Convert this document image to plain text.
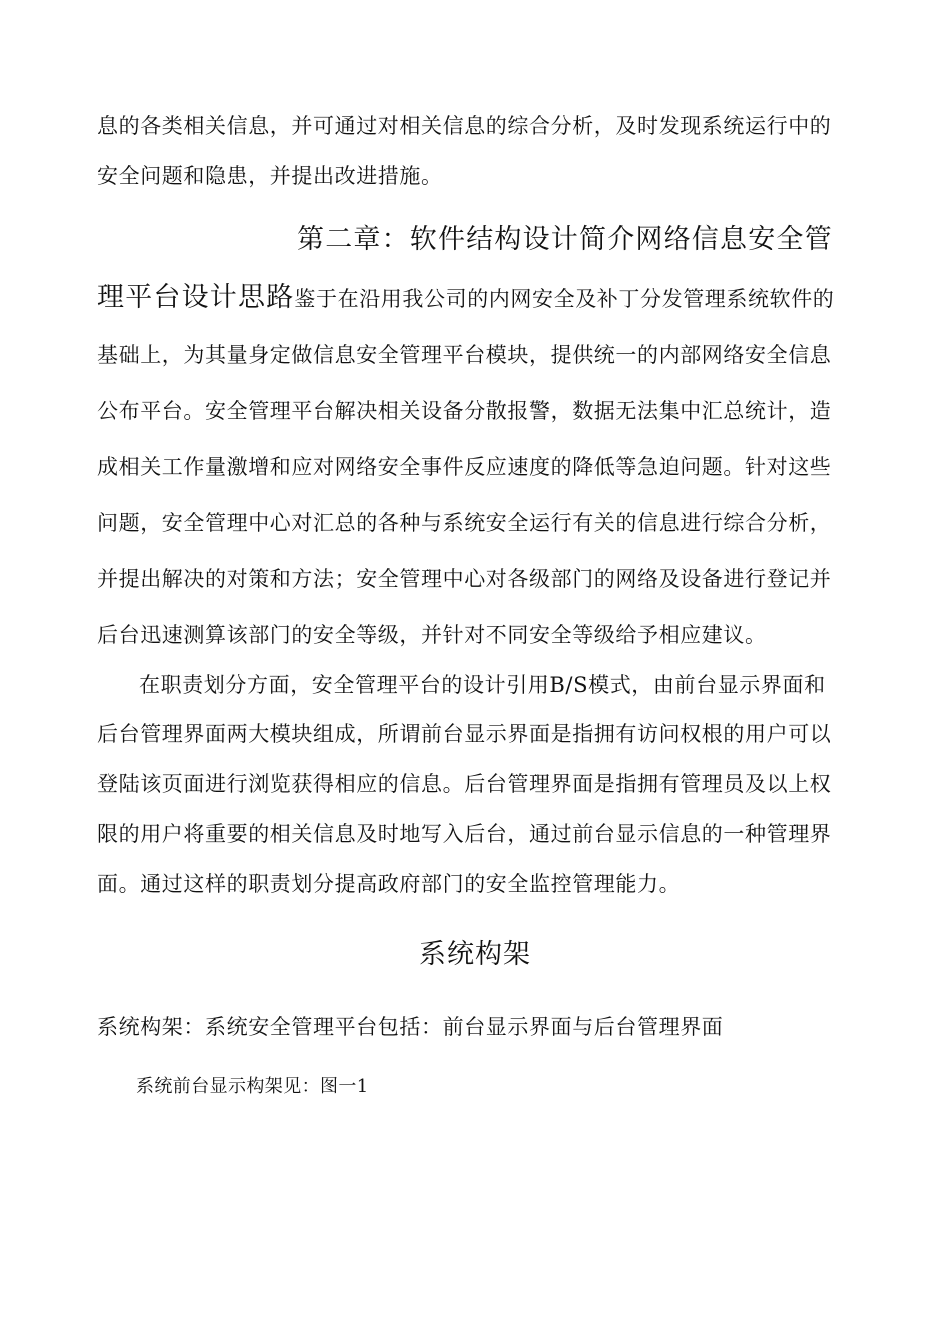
息的各类相关信息，并可通过对相关信息的综合分析，及时发现系统运行中的
安全问题和隐患，并提出改进措施。
第二章：软件结构设计简介网络信息安全管
理平台设计思路鉴于在沿用我公司的内网安全及补丁分发管理系统软件的
基础上，为其量身定做信息安全管理平台模块，提供统一的内部网络安全信息
公布平台。安全管理平台解决相关设备分散报警，数据无法集中汇总统计，造
成相关工作量激增和应对网络安全事件反应速度的降低等急迫问题。针对这些
问题，安全管理中心对汇总的各种与系统安全运行有关的信息进行综合分析，
并提出解决的对策和方法；安全管理中心对各级部门的网络及设备进行登记并
后台迅速测算该部门的安全等级，并针对不同安全等级给予相应建议。
在职责划分方面，安全管理平台的设计引用B/S模式，由前台显示界面和
后台管理界面两大模块组成，所谓前台显示界面是指拥有访问权根的用户可以
登陆该页面进行浏览获得相应的信息。后台管理界面是指拥有管理员及以上权
限的用户将重要的相关信息及时地写入后台，通过前台显示信息的一种管理界
面。通过这样的职责划分提高政府部门的安全监控管理能力。
系统构架
系统构架：系统安全管理平台包括：前台显示界面与后台管理界面
系统前台显示构架见：图一1
